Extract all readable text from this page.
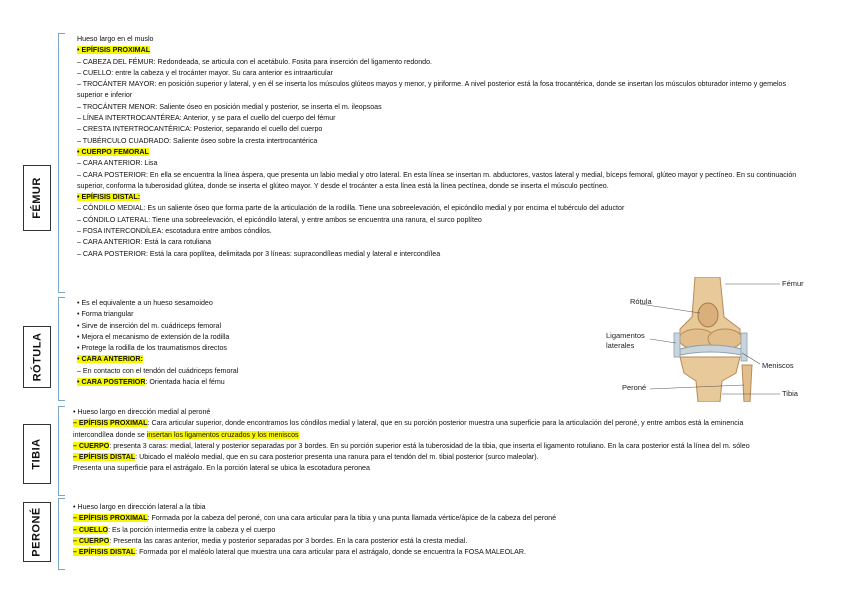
FÉMUR
Hueso largo en el muslo
• EPÍFISIS PROXIMAL
– CABEZA DEL FÉMUR: Redondeada, se articula con el acetábulo. Fosita para inserción del ligamento redondo.
– CUELLO: entre la cabeza y el trocánter mayor. Su cara anterior es intraarticular
– TROCÁNTER MAYOR: en posición superior y lateral, y en él se inserta los músculos glúteos mayos y menor, y piriforme. A nivel posterior está la fosa trocantérica, donde se insertan los músculos obturador interno y gemelos superior e inferior
– TROCÁNTER MENOR: Saliente óseo en posición medial y posterior, se inserta el m. ileopsoas
– LÍNEA INTERTROCANTÉREA: Anterior, y se para el cuello del cuerpo del fémur
– CRESTA INTERTROCANTÉRICA: Posterior, separando el cuello del cuerpo
– TUBÉRCULO CUADRADO: Saliente óseo sobre la cresta intertrocantérica
• CUERPO FEMORAL
– CARA ANTERIOR: Lisa
– CARA POSTERIOR: En ella se encuentra la línea áspera, que presenta un labio medial y otro lateral. En esta línea se insertan m. abductores, vastos lateral y medial, bíceps femoral, glúteo mayor y pectíneo. En su continuación superior, conforma la tuberosidad glútea, donde se inserta el glúteo mayor. Y desde el trocánter a esta línea está la línea pectínea, donde se inserta el músculo pectíneo.
• EPÍFISIS DISTAL:
– CÓNDILO MEDIAL: Es un saliente óseo que forma parte de la articulación de la rodilla. Tiene una sobreelevación, el epicóndilo medial y por encima el tubérculo del aductor
– CÓNDILO LATERAL: Tiene una sobreelevación, el epicóndilo lateral, y entre ambos se encuentra una ranura, el surco poplíteo
– FOSA INTERCONDÍLEA: escotadura entre ambos cóndilos.
– CARA ANTERIOR: Está la cara rotuliana
– CARA POSTERIOR: Está la cara poplítea, delimitada por 3 líneas: supracondíleas medial y lateral e intercondílea
RÓTULA
• Es el equivalente a un hueso sesamoideo
• Forma triangular
• Sirve de inserción del m. cuádriceps femoral
• Mejora el mecanismo de extensión de la rodilla
• Protege la rodilla de los traumatismos directos
• CARA ANTERIOR:
– En contacto con el tendón del cuádriceps femoral
• CARA POSTERIOR: Orientada hacia el fému
TIBIA
• Hueso largo en dirección medial al peroné
– EPÍFISIS PROXIMAL: Cara articular superior, donde encontramos los cóndilos medial y lateral, que en su porción posterior muestra una superficie para la articulación del peroné, y entre ambos está la eminencia intercondílea donde se insertan los ligamentos cruzados y los meniscos
– CUERPO: presenta 3 caras: medial, lateral y posterior separadas por 3 bordes. En su porción superior está la tuberosidad de la tibia, que inserta el ligamento rotuliano. En la cara posterior está la línea del m. sóleo
– EPÍFISIS DISTAL: Ubicado el maléolo medial, que en su cara posterior presenta una ranura para el tendón del m. tibial posterior (surco maleolar).
Presenta una superficie para el astrágalo. En la porción lateral se ubica la escotadura peronea
PERONÉ
• Hueso largo en dirección lateral a la tibia
– EPÍFISIS PROXIMAL: Formada por la cabeza del peroné, con una cara articular para la tibia y una punta llamada vértice/ápice de la cabeza del peroné
– CUELLO: Es la porción intermedia entre la cabeza y el cuerpo
– CUERPO: Presenta las caras anterior, media y posterior separadas por 3 bordes. En la cara posterior está la cresta medial.
– EPÍFISIS DISTAL: Formada por el maléolo lateral que muestra una cara articular para el astrágalo, donde se encuentra la FOSA MALEOLAR.
Fémur
Rótula
Ligamentos
laterales
Meniscos
Peroné
Tibia
